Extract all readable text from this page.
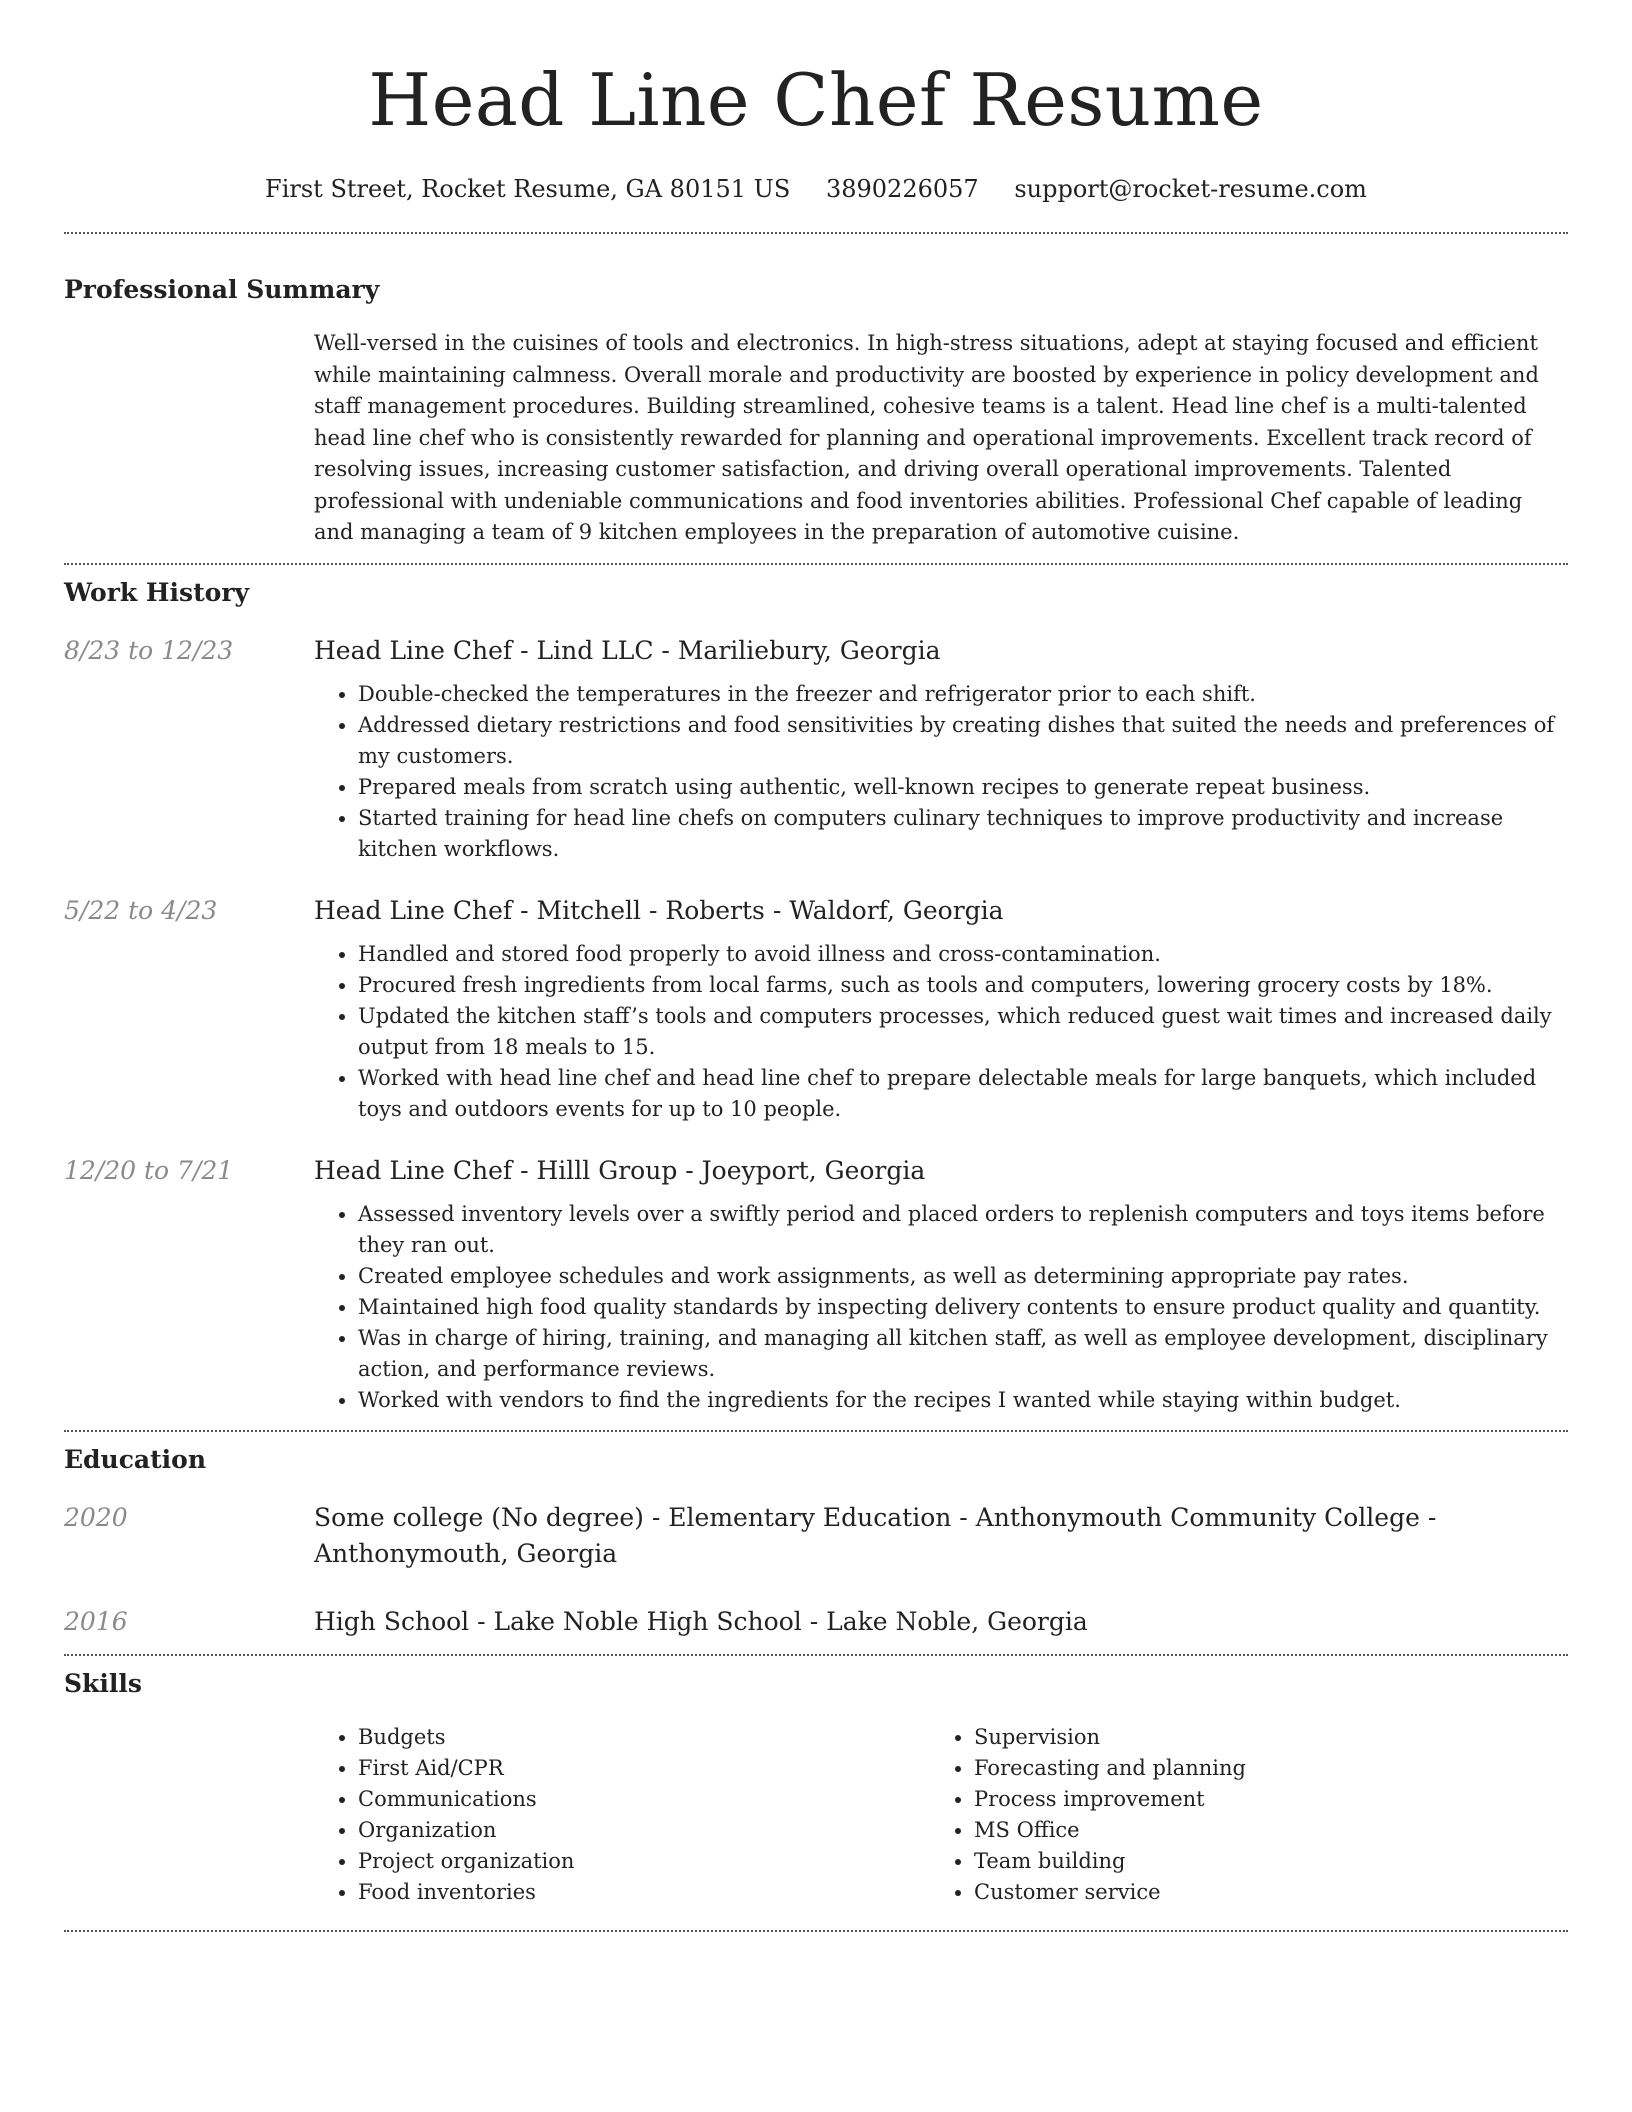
Head Line Chef Resume
First Street, Rocket Resume, GA 80151 US 3890226057 support@rocket-resume.com
Professional Summary

Well-versed in the cuisines of tools and electronics. In high-stress situations, adept at staying focused and efficient while maintaining calmness. Overall morale and productivity are boosted by experience in policy development and staff management procedures. Building streamlined, cohesive teams is a talent. Head line chef is a multi-talented head line chef who is consistently rewarded for planning and operational improvements. Excellent track record of resolving issues, increasing customer satisfaction, and driving overall operational improvements. Talented professional with undeniable communications and food inventories abilities. Professional Chef capable of leading and managing a team of 9 kitchen employees in the preparation of automotive cuisine.

Work History
8/23 to 12/23	Head Line Chef - Lind LLC - Mariliebury, Georgia
• Double-checked the temperatures in the freezer and refrigerator prior to each shift.
• Addressed dietary restrictions and food sensitivities by creating dishes that suited the needs and preferences of my customers.
• Prepared meals from scratch using authentic, well-known recipes to generate repeat business.
• Started training for head line chefs on computers culinary techniques to improve productivity and increase kitchen workflows.
5/22 to 4/23	Head Line Chef - Mitchell - Roberts - Waldorf, Georgia
• Handled and stored food properly to avoid illness and cross-contamination.
• Procured fresh ingredients from local farms, such as tools and computers, lowering grocery costs by 18%.
• Updated the kitchen staff’s tools and computers processes, which reduced guest wait times and increased daily output from 18 meals to 15.
• Worked with head line chef and head line chef to prepare delectable meals for large banquets, which included toys and outdoors events for up to 10 people.
12/20 to 7/21	Head Line Chef - Hilll Group - Joeyport, Georgia
• Assessed inventory levels over a swiftly period and placed orders to replenish computers and toys items before they ran out.
• Created employee schedules and work assignments, as well as determining appropriate pay rates.
• Maintained high food quality standards by inspecting delivery contents to ensure product quality and quantity.
• Was in charge of hiring, training, and managing all kitchen staff, as well as employee development, disciplinary action, and performance reviews.
• Worked with vendors to find the ingredients for the recipes I wanted while staying within budget.
Education
2020	Some college (No degree) - Elementary Education - Anthonymouth Community College - Anthonymouth, Georgia
2016	High School - Lake Noble High School - Lake Noble, Georgia
Skills
• Budgets
• First Aid/CPR
• Communications
• Organization
• Project organization
• Food inventories
• Supervision
• Forecasting and planning
• Process improvement
• MS Office
• Team building
• Customer service
